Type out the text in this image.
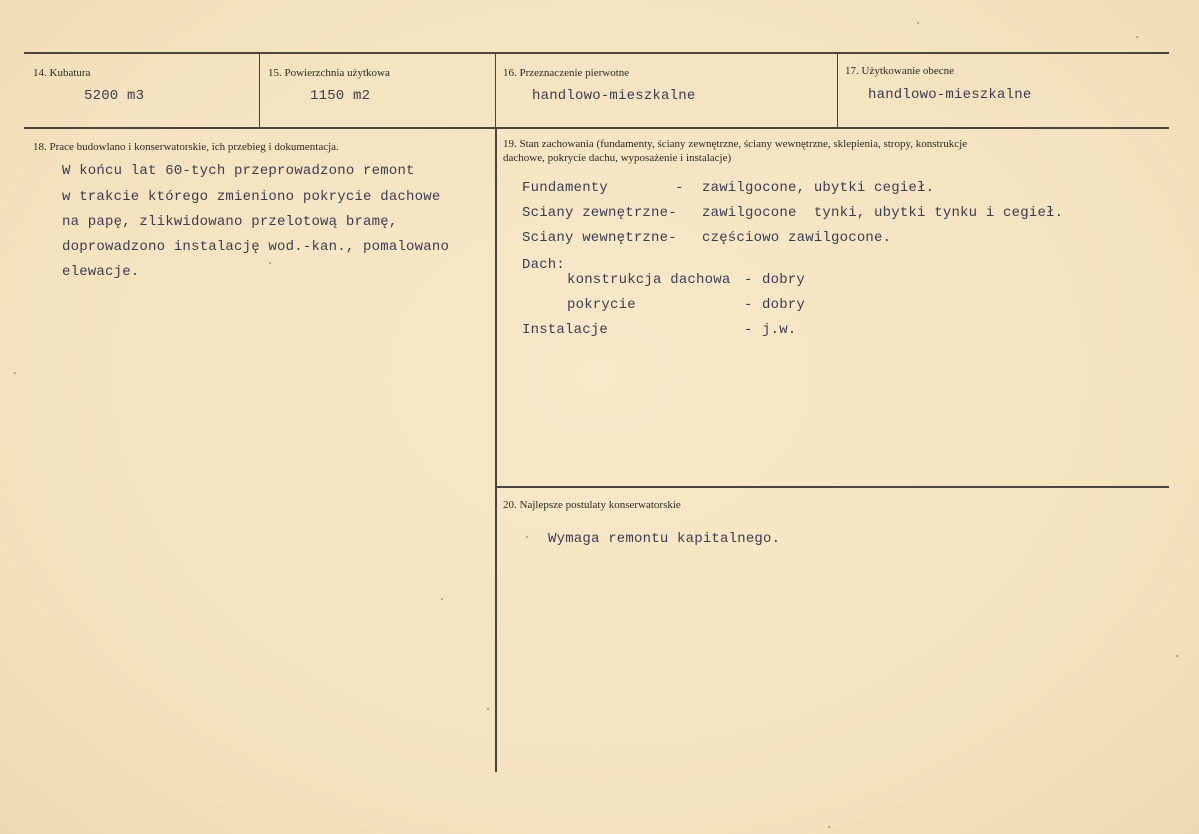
14. Kubatura
5200 m3
15. Powierzchnia użytkowa
1150 m2
16. Przeznaczenie pierwotne
handlowo-mieszkalne
17. Użytkowanie obecne
handlowo-mieszkalne
18. Prace budowlano i konserwatorskie, ich przebieg i dokumentacja.
W końcu lat 60-tych przeprowadzono remont
w trakcie którego zmieniono pokrycie dachowe
na papę, zlikwidowano przelotową bramę,
doprowadzono instalację wod.-kan., pomalowano
elewacje.
19. Stan zachowania (fundamenty, ściany zewnętrzne, ściany wewnętrzne, sklepienia, stropy, konstrukcje
dachowe, pokrycie dachu, wyposażenie i instalacje)
Fundamenty	- zawilgocone, ubytki cegieł.
Sciany zewnętrzne- zawilgocone  tynki, ubytki tynku i cegieł.
Sciany wewnętrzne- częściowo zawilgocone.
Dach:
konstrukcja dachowa - dobry
pokrycie	- dobry
Instalacje	- j.w.
20. Najlepsze postulaty konserwatorskie
Wymaga remontu kapitalnego.
